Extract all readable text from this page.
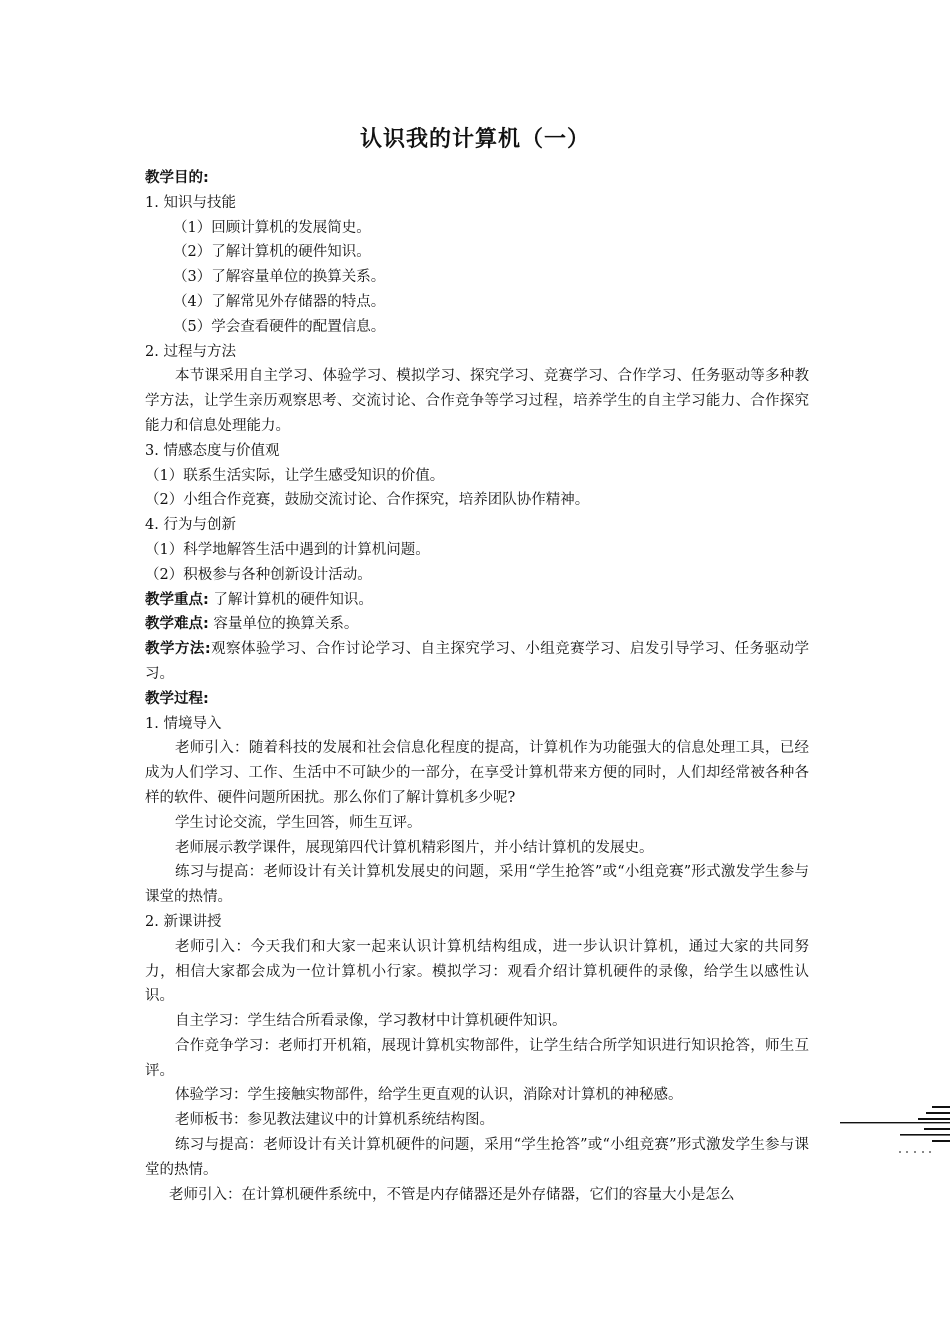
认识我的计算机（一）
教学目的:
1. 知识与技能
（1）回顾计算机的发展简史。
（2）了解计算机的硬件知识。
（3）了解容量单位的换算关系。
（4）了解常见外存储器的特点。
（5）学会查看硬件的配置信息。
2. 过程与方法
本节课采用自主学习、体验学习、模拟学习、探究学习、竞赛学习、合作学习、任务驱动等多种教学方法，让学生亲历观察思考、交流讨论、合作竞争等学习过程，培养学生的自主学习能力、合作探究能力和信息处理能力。
3. 情感态度与价值观
（1）联系生活实际，让学生感受知识的价值。
（2）小组合作竞赛，鼓励交流讨论、合作探究，培养团队协作精神。
4. 行为与创新
（1）科学地解答生活中遇到的计算机问题。
（2）积极参与各种创新设计活动。
教学重点: 了解计算机的硬件知识。
教学难点: 容量单位的换算关系。
教学方法:观察体验学习、合作讨论学习、自主探究学习、小组竞赛学习、启发引导学习、任务驱动学习。
教学过程:
1. 情境导入
老师引入：随着科技的发展和社会信息化程度的提高，计算机作为功能强大的信息处理工具，已经成为人们学习、工作、生活中不可缺少的一部分，在享受计算机带来方便的同时，人们却经常被各种各样的软件、硬件问题所困扰。那么你们了解计算机多少呢?
学生讨论交流，学生回答，师生互评。
老师展示教学课件，展现第四代计算机精彩图片，并小结计算机的发展史。
练习与提高：老师设计有关计算机发展史的问题，采用“学生抢答”或“小组竞赛”形式激发学生参与课堂的热情。
2. 新课讲授
老师引入：今天我们和大家一起来认识计算机结构组成，进一步认识计算机，通过大家的共同努力，相信大家都会成为一位计算机小行家。模拟学习：观看介绍计算机硬件的录像，给学生以感性认识。
自主学习：学生结合所看录像，学习教材中计算机硬件知识。
合作竞争学习：老师打开机箱，展现计算机实物部件，让学生结合所学知识进行知识抢答，师生互评。
体验学习：学生接触实物部件，给学生更直观的认识，消除对计算机的神秘感。
老师板书：参见教法建议中的计算机系统结构图。
练习与提高：老师设计有关计算机硬件的问题，采用“学生抢答”或“小组竞赛”形式激发学生参与课堂的热情。
老师引入：在计算机硬件系统中，不管是内存储器还是外存储器，它们的容量大小是怎么
